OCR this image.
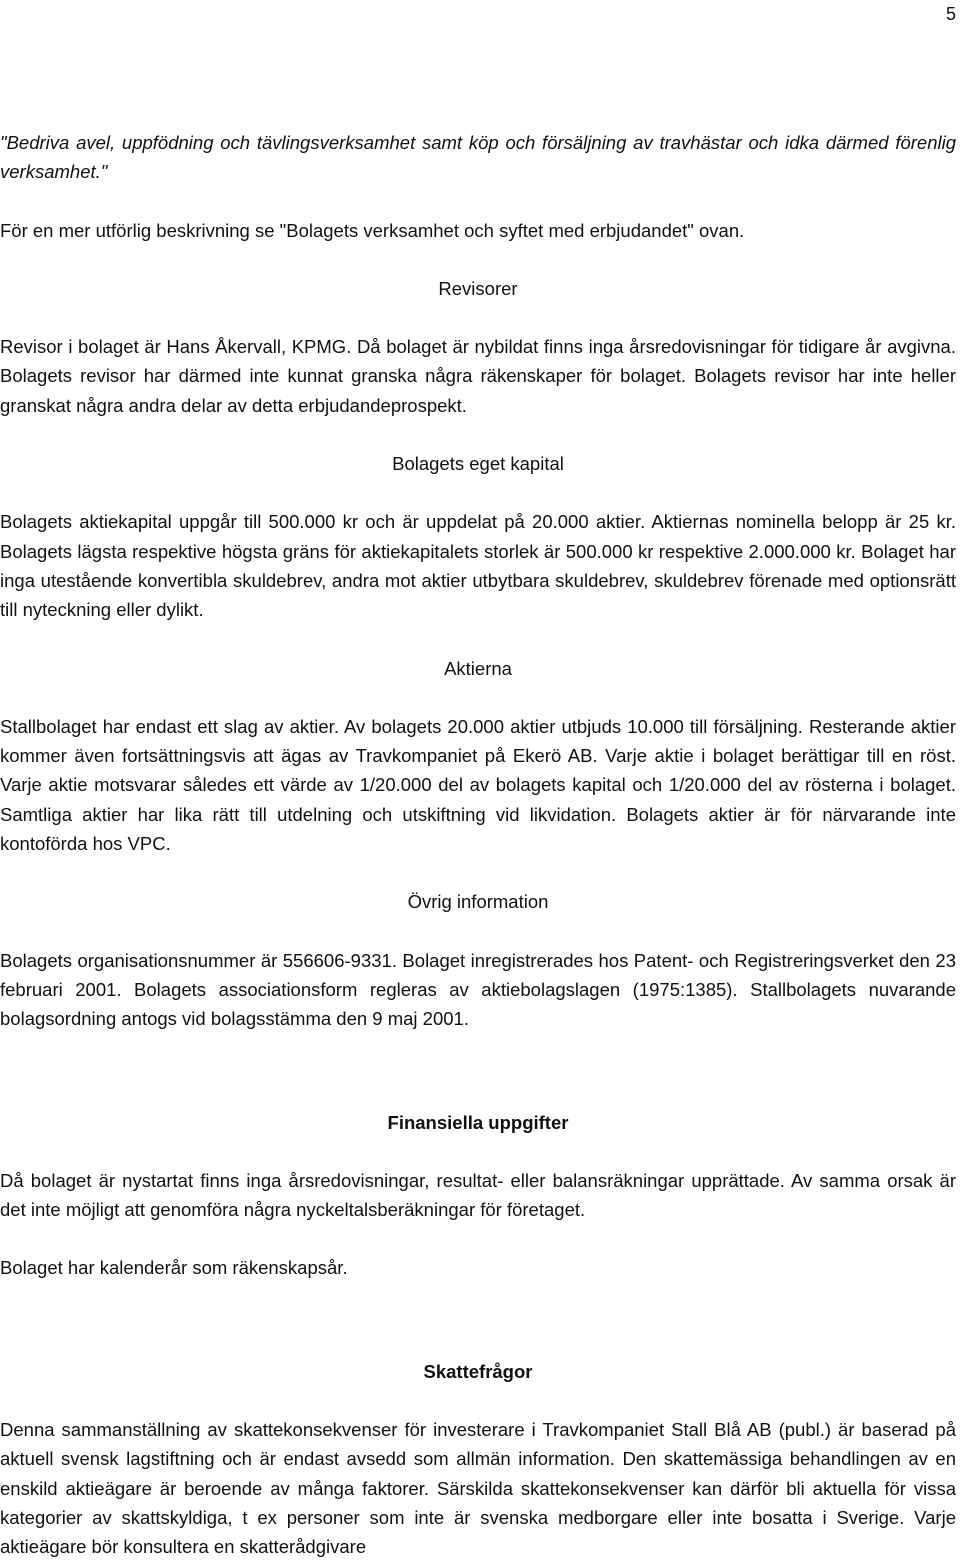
5

"Bedriva avel, uppfödning och tävlingsverksamhet samt köp och försäljning av travhästar och idka därmed förenlig verksamhet."

För en mer utförlig beskrivning se "Bolagets verksamhet och syftet med erbjudandet" ovan.

Revisorer

Revisor i bolaget är Hans Åkervall, KPMG. Då bolaget är nybildat finns inga årsredovisningar för tidigare år avgivna. Bolagets revisor har därmed inte kunnat granska några räkenskaper för bolaget. Bolagets revisor har inte heller granskat några andra delar av detta erbjudandeprospekt.

Bolagets eget kapital

Bolagets aktiekapital uppgår till 500.000 kr och är uppdelat på 20.000 aktier. Aktiernas nominella belopp är 25 kr. Bolagets lägsta respektive högsta gräns för aktiekapitalets storlek är 500.000 kr respektive 2.000.000 kr. Bolaget har inga utestående konvertibla skuldebrev, andra mot aktier utbytbara skuldebrev, skuldebrev förenade med optionsrätt till nyteckning eller dylikt.

Aktierna

Stallbolaget har endast ett slag av aktier. Av bolagets 20.000 aktier utbjuds 10.000 till försäljning. Resterande aktier kommer även fortsättningsvis att ägas av Travkompaniet på Ekerö AB. Varje aktie i bolaget berättigar till en röst. Varje aktie motsvarar således ett värde av 1/20.000 del av bolagets kapital och 1/20.000 del av rösterna i bolaget. Samtliga aktier har lika rätt till utdelning och utskiftning vid likvidation. Bolagets aktier är för närvarande inte kontoförda hos VPC.

Övrig information

Bolagets organisationsnummer är 556606-9331. Bolaget inregistrerades hos Patent- och Registreringsverket den 23 februari 2001. Bolagets associationsform regleras av aktiebolagslagen (1975:1385). Stallbolagets nuvarande bolagsordning antogs vid bolagsstämma den 9 maj 2001.

Finansiella uppgifter

Då bolaget är nystartat finns inga årsredovisningar, resultat- eller balansräkningar upprättade. Av samma orsak är det inte möjligt att genomföra några nyckeltalsberäkningar för företaget.

Bolaget har kalenderår som räkenskapsår.

Skattefrågor

Denna sammanställning av skattekonsekvenser för investerare i Travkompaniet Stall Blå AB (publ.) är baserad på aktuell svensk lagstiftning och är endast avsedd som allmän information. Den skattemässiga behandlingen av en enskild aktieägare är beroende av många faktorer. Särskilda skattekonsekvenser kan därför bli aktuella för vissa kategorier av skattskyldiga, t ex personer som inte är svenska medborgare eller inte bosatta i Sverige. Varje aktieägare bör konsultera en skatterådgivare
